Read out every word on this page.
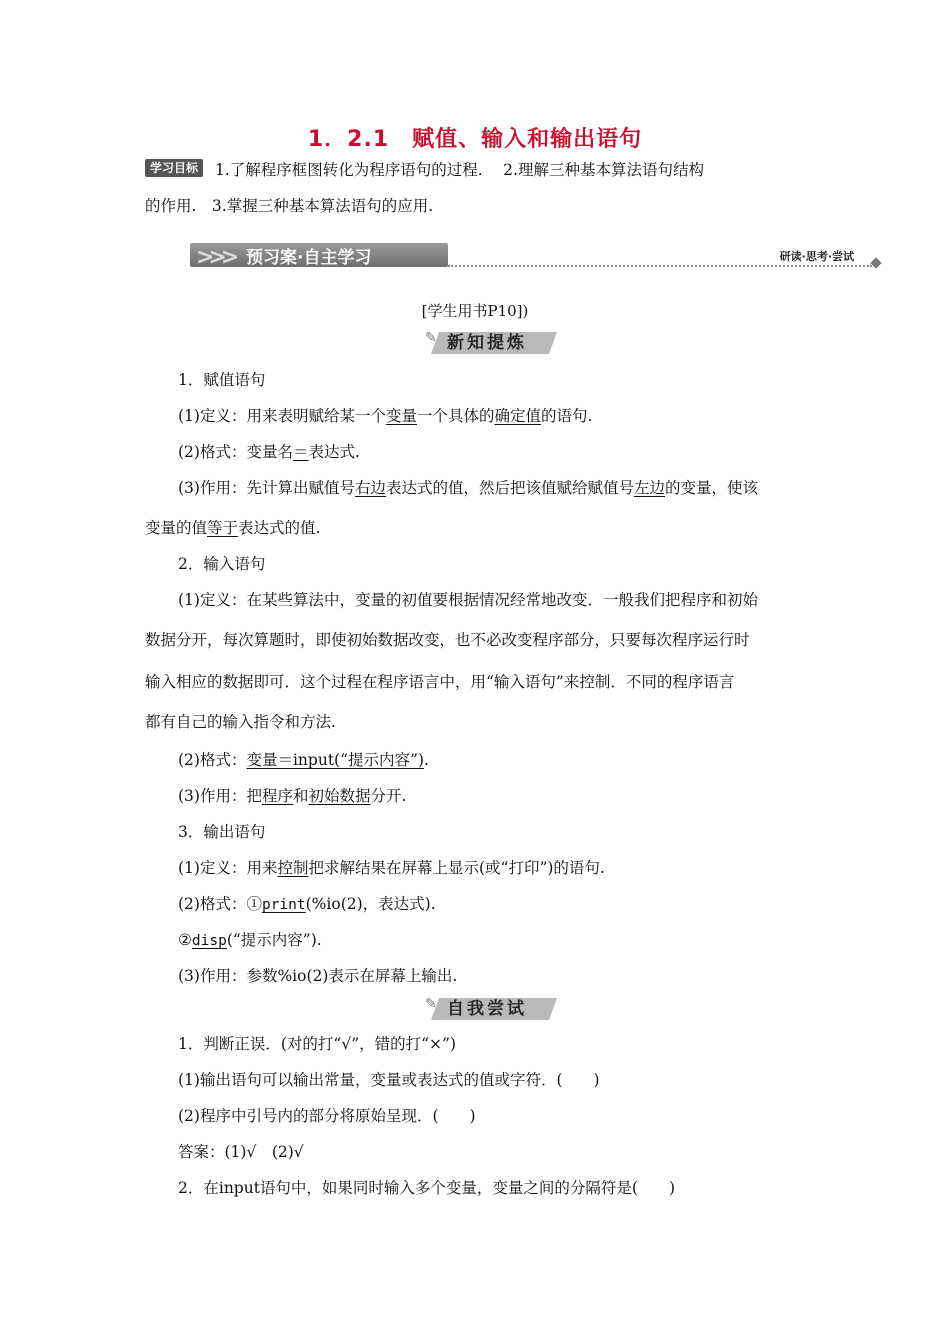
1．2.1　赋值、输入和输出语句
学习目标 1.了解程序框图转化为程序语句的过程.　 2.理解三种基本算法语句结构
的作用.　3.掌握三种基本算法语句的应用.
>>> 预习案·自主学习	研读·思考·尝试
[学生用书P10])
✎ 新知提炼
1．赋值语句
(1)定义：用来表明赋给某一个变量一个具体的确定值的语句.
(2)格式：变量名＝表达式.
(3)作用：先计算出赋值号右边表达式的值，然后把该值赋给赋值号左边的变量，使该
变量的值等于表达式的值.
2．输入语句
(1)定义：在某些算法中，变量的初值要根据情况经常地改变．一般我们把程序和初始
数据分开，每次算题时，即使初始数据改变，也不必改变程序部分，只要每次程序运行时
输入相应的数据即可．这个过程在程序语言中，用“输入语句”来控制．不同的程序语言
都有自己的输入指令和方法.
(2)格式：变量＝input(“提示内容”).
(3)作用：把程序和初始数据分开.
3．输出语句
(1)定义：用来控制把求解结果在屏幕上显示(或“打印”)的语句.
(2)格式：①print(%io(2)，表达式).
②disp(“提示内容”).
(3)作用：参数%io(2)表示在屏幕上输出.
✎ 自我尝试
1．判断正误．(对的打“√”，错的打“×”)
(1)输出语句可以输出常量，变量或表达式的值或字符．(　　)
(2)程序中引号内的部分将原始呈现．(　　)
答案：(1)√　(2)√
2．在input语句中，如果同时输入多个变量，变量之间的分隔符是(　　)
